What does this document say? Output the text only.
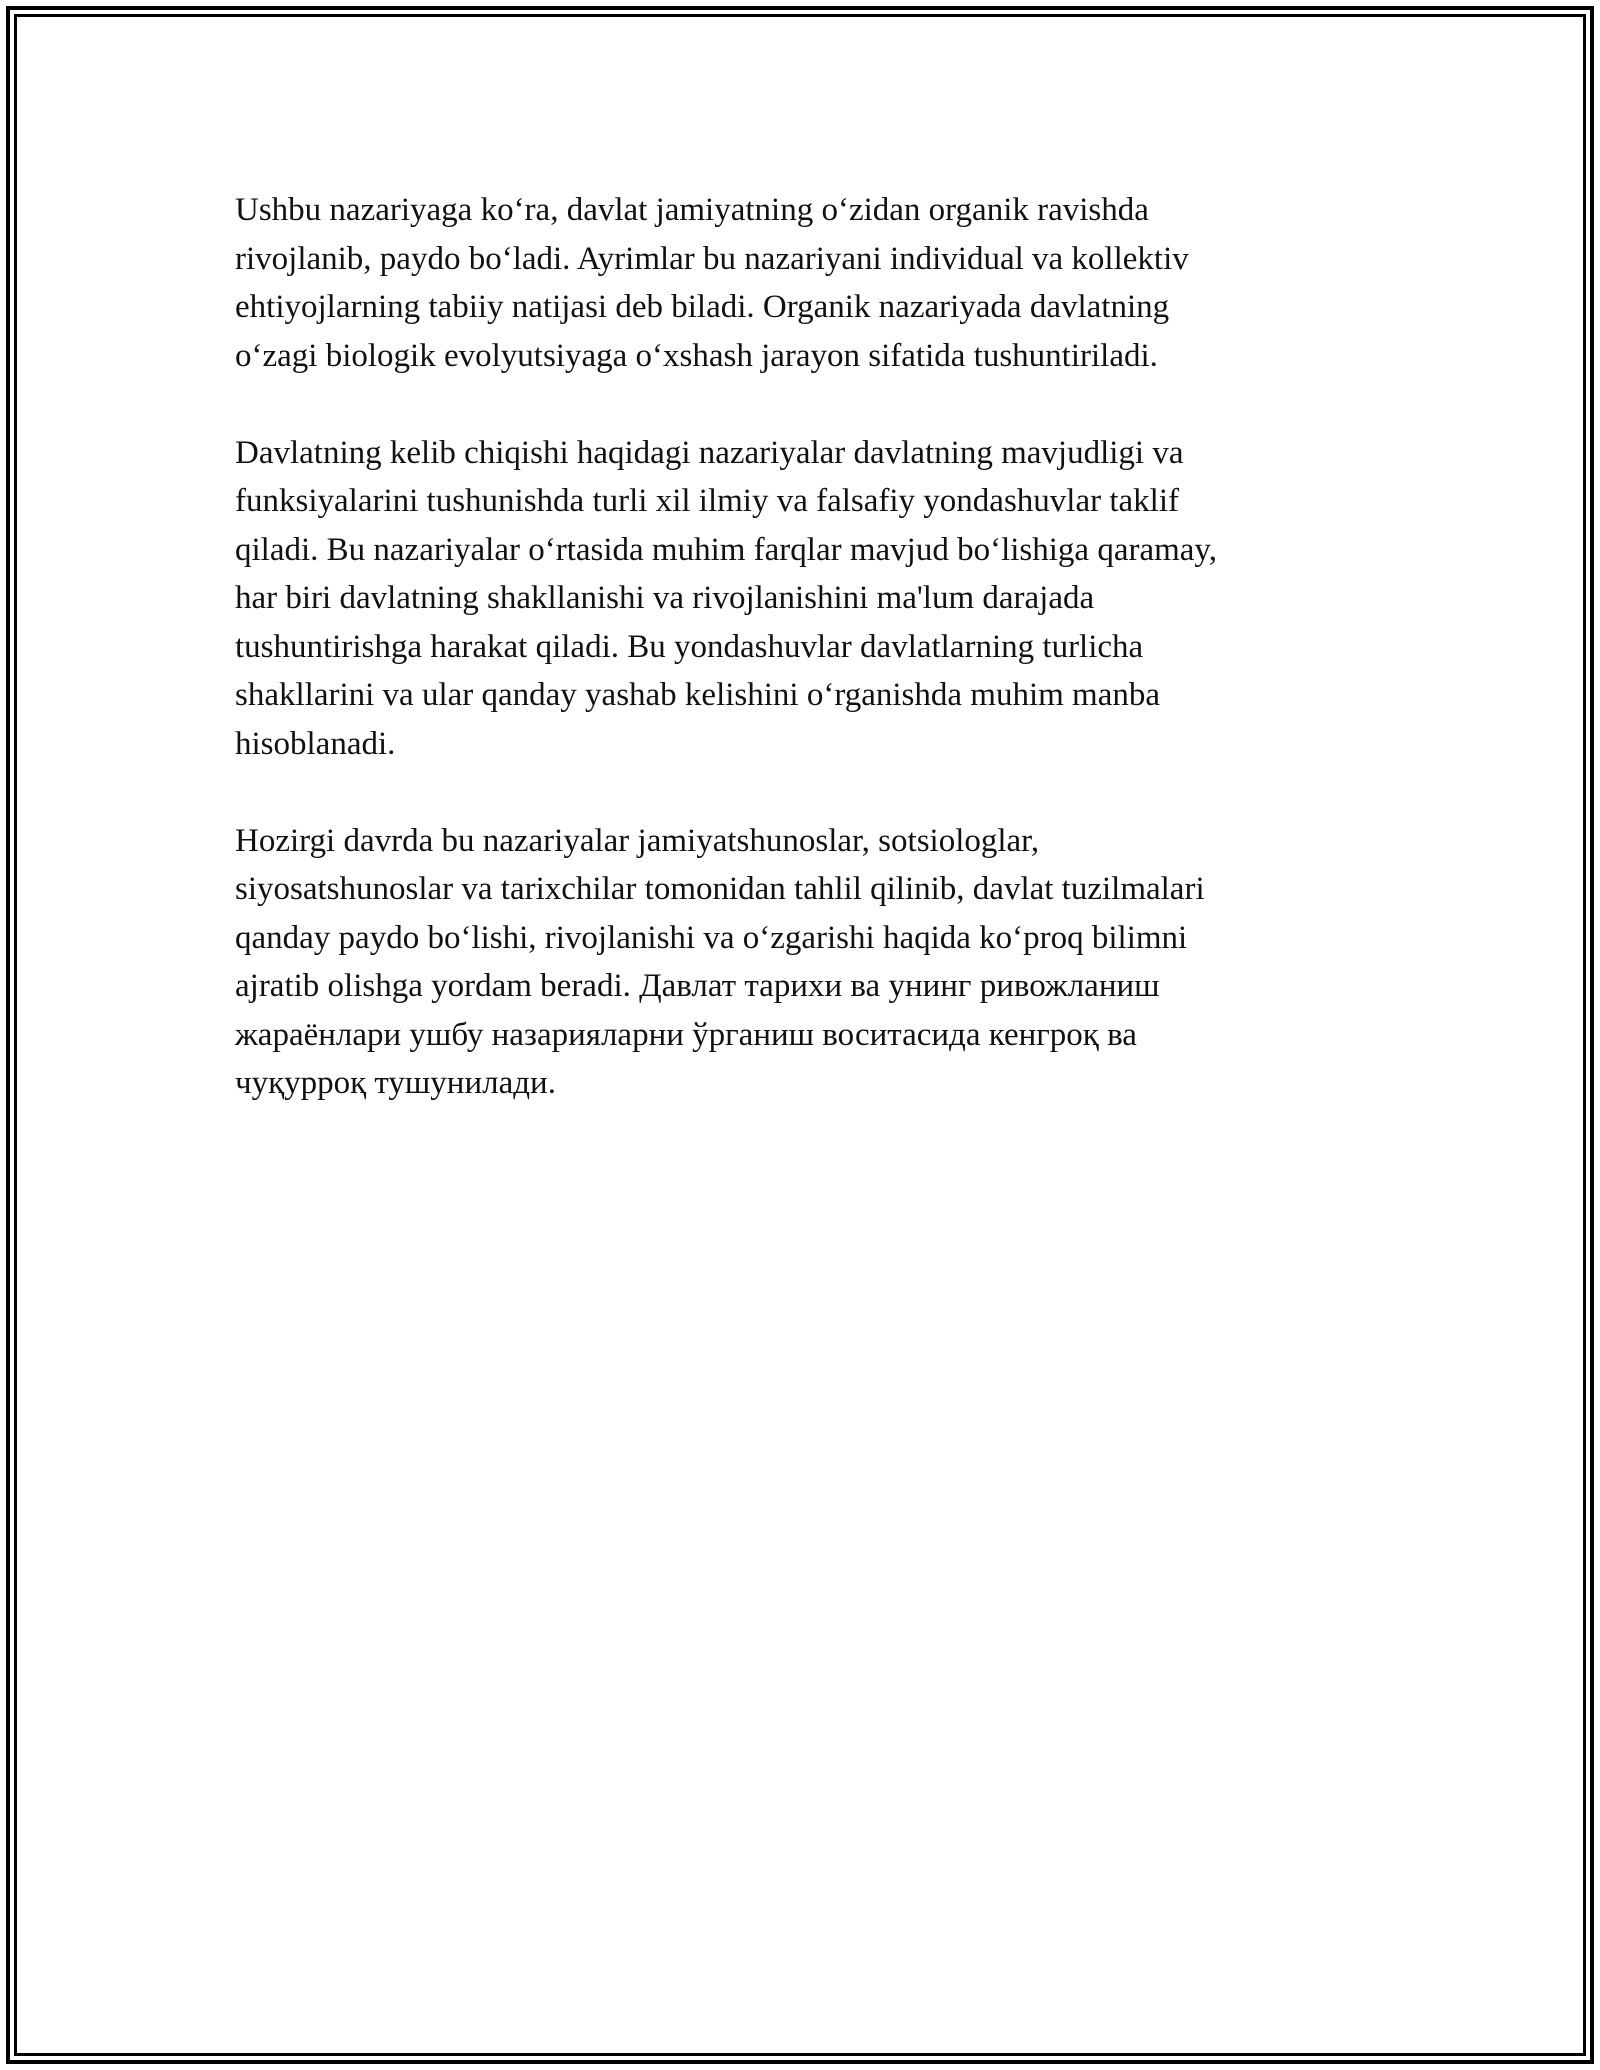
Ushbu nazariyaga koʻra, davlat jamiyatning oʻzidan organik ravishda
rivojlanib, paydo boʻladi. Ayrimlar bu nazariyani individual va kollektiv
ehtiyojlarning tabiiy natijasi deb biladi. Organik nazariyada davlatning
oʻzagi biologik evolyutsiyaga oʻxshash jarayon sifatida tushuntiriladi.

Davlatning kelib chiqishi haqidagi nazariyalar davlatning mavjudligi va
funksiyalarini tushunishda turli xil ilmiy va falsafiy yondashuvlar taklif
qiladi. Bu nazariyalar oʻrtasida muhim farqlar mavjud boʻlishiga qaramay,
har biri davlatning shakllanishi va rivojlanishini ma'lum darajada
tushuntirishga harakat qiladi. Bu yondashuvlar davlatlarning turlicha
shakllarini va ular qanday yashab kelishini oʻrganishda muhim manba
hisoblanadi.

Hozirgi davrda bu nazariyalar jamiyatshunoslar, sotsiologlar,
siyosatshunoslar va tarixchilar tomonidan tahlil qilinib, davlat tuzilmalari
qanday paydo boʻlishi, rivojlanishi va oʻzgarishi haqida koʻproq bilimni
ajratib olishga yordam beradi. Давлат тарихи ва унинг ривожланиш
жараёнлари ушбу назарияларни ўрганиш воситасида кенгроқ ва
чуқурроқ тушунилади.
